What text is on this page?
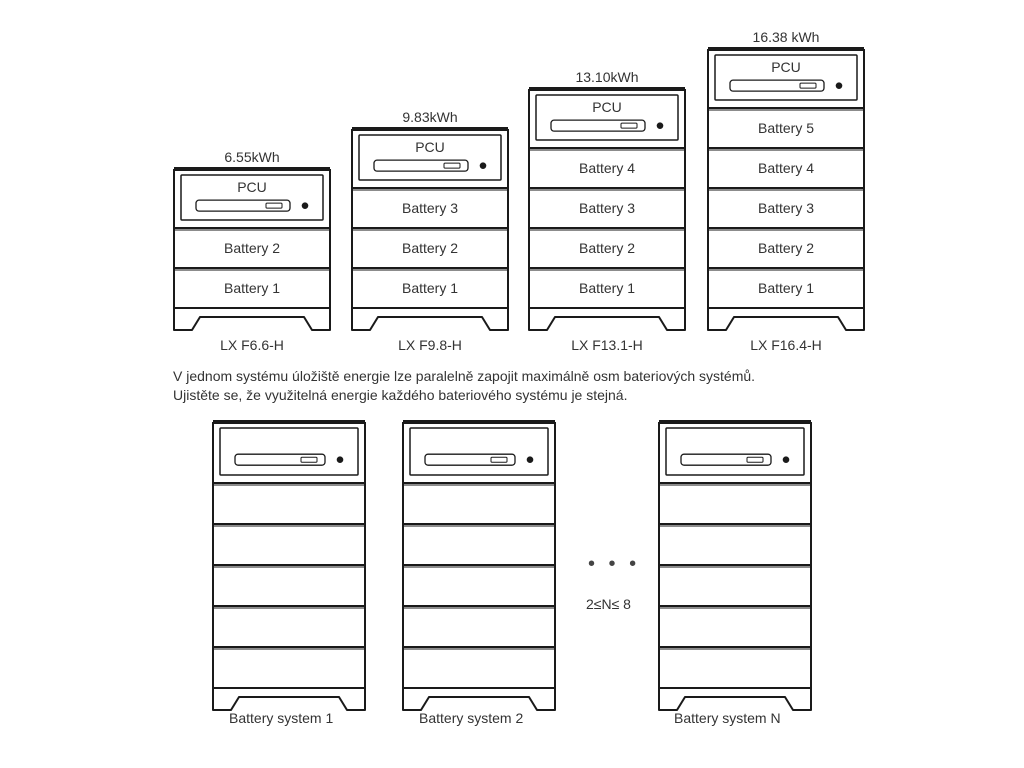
6.55kWh
PCU
Battery 2
Battery 1
LX F6.6-H
9.83kWh
PCU
Battery 3
Battery 2
Battery 1
LX F9.8-H
13.10kWh
PCU
Battery 4
Battery 3
Battery 2
Battery 1
LX F13.1-H
16.38 kWh
PCU
Battery 5
Battery 4
Battery 3
Battery 2
Battery 1
LX F16.4-H
V jednom systému úložiště energie lze paralelně zapojit maximálně osm bateriových systémů.
Ujistěte se, že využitelná energie každého bateriového systému je stejná.
Battery system 1	Battery system 2	Battery system N
• • •
2≤N≤ 8
